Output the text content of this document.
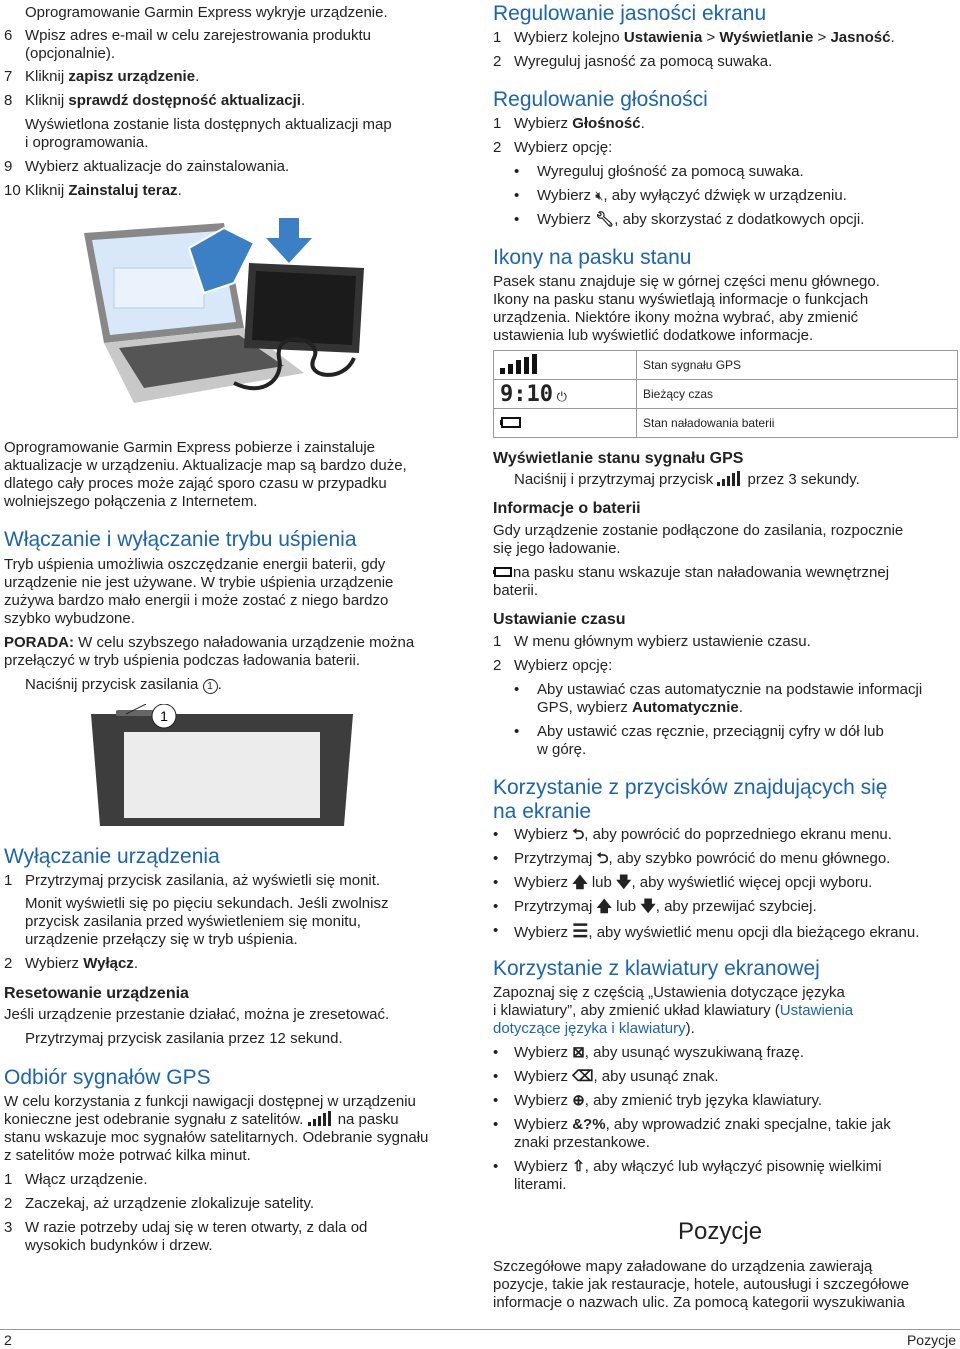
Oprogramowanie Garmin Express wykryje urządzenie.
6 Wpisz adres e-mail w celu zarejestrowania produktu
(opcjonalnie).
7 Kliknij zapisz urządzenie.
8 Kliknij sprawdź dostępność aktualizacji.
Wyświetlona zostanie lista dostępnych aktualizacji map
i oprogramowania.
9 Wybierz aktualizacje do zainstalowania.
10 Kliknij Zainstaluj teraz.
Oprogramowanie Garmin Express pobierze i zainstaluje
aktualizacje w urządzeniu. Aktualizacje map są bardzo duże,
dlatego cały proces może zająć sporo czasu w przypadku
wolniejszego połączenia z Internetem.
Włączanie i wyłączanie trybu uśpienia
Tryb uśpienia umożliwia oszczędzanie energii baterii, gdy
urządzenie nie jest używane. W trybie uśpienia urządzenie
zużywa bardzo mało energii i może zostać z niego bardzo
szybko wybudzone.
PORADA: W celu szybszego naładowania urządzenie można
przełączyć w tryb uśpienia podczas ładowania baterii.
Naciśnij przycisk zasilania 1 .
1
Wyłączanie urządzenia
1 Przytrzymaj przycisk zasilania, aż wyświetli się monit.
Monit wyświetli się po pięciu sekundach. Jeśli zwolnisz
przycisk zasilania przed wyświetleniem się monitu,
urządzenie przełączy się w tryb uśpienia.
2 Wybierz Wyłącz.
Resetowanie urządzenia
Jeśli urządzenie przestanie działać, można je zresetować.
Przytrzymaj przycisk zasilania przez 12 sekund.
Odbiór sygnałów GPS
W celu korzystania z funkcji nawigacji dostępnej w urządzeniu
konieczne jest odebranie sygnału z satelitów. na pasku
stanu wskazuje moc sygnałów satelitarnych. Odebranie sygnału
z satelitów może potrwać kilka minut.
1 Włącz urządzenie.
2 Zaczekaj, aż urządzenie zlokalizuje satelity.
3 W razie potrzeby udaj się w teren otwarty, z dala od
wysokich budynków i drzew.
Regulowanie jasności ekranu
1 Wybierz kolejno Ustawienia > Wyświetlanie > Jasność.
2 Wyreguluj jasność za pomocą suwaka.
Regulowanie głośności
1 Wybierz Głośność.
2 Wybierz opcję:
• Wyreguluj głośność za pomocą suwaka.
• Wybierz 🔇︎, aby wyłączyć dźwięk w urządzeniu.
• Wybierz 🔧︎, aby skorzystać z dodatkowych opcji.
Ikony na pasku stanu
Pasek stanu znajduje się w górnej części menu głównego.
Ikony na pasku stanu wyświetlają informacje o funkcjach
urządzenia. Niektóre ikony można wybrać, aby zmienić
ustawienia lub wyświetlić dodatkowe informacje.
	Stan sygnału GPS
9:10 ⏻	Bieżący czas
	Stan naładowania baterii
Wyświetlanie stanu sygnału GPS
Naciśnij i przytrzymaj przycisk przez 3 sekundy.
Informacje o baterii
Gdy urządzenie zostanie podłączone do zasilania, rozpocznie
się jego ładowanie.
na pasku stanu wskazuje stan naładowania wewnętrznej
baterii.
Ustawianie czasu
1 W menu głównym wybierz ustawienie czasu.
2 Wybierz opcję:
• Aby ustawiać czas automatycznie na podstawie informacji
GPS, wybierz Automatycznie.
• Aby ustawić czas ręcznie, przeciągnij cyfry w dół lub
w górę.
Korzystanie z przycisków znajdujących się
na ekranie
• Wybierz ⮌, aby powrócić do poprzedniego ekranu menu.
• Przytrzymaj ⮌, aby szybko powrócić do menu głównego.
• Wybierz 🡅 lub 🡇, aby wyświetlić więcej opcji wyboru.
• Przytrzymaj 🡅 lub 🡇, aby przewijać szybciej.
• Wybierz ☰, aby wyświetlić menu opcji dla bieżącego ekranu.
Korzystanie z klawiatury ekranowej
Zapoznaj się z częścią „Ustawienia dotyczące języka
i klawiatury”, aby zmienić układ klawiatury (Ustawienia
dotyczące języka i klawiatury).
• Wybierz ⊠, aby usunąć wyszukiwaną frazę.
• Wybierz ⌫, aby usunąć znak.
• Wybierz ⊕, aby zmienić tryb języka klawiatury.
• Wybierz &?%, aby wprowadzić znaki specjalne, takie jak
znaki przestankowe.
• Wybierz ⇧, aby włączyć lub wyłączyć pisownię wielkimi
literami.
Pozycje
Szczegółowe mapy załadowane do urządzenia zawierają
pozycje, takie jak restauracje, hotele, autousługi i szczegółowe
informacje o nazwach ulic. Za pomocą kategorii wyszukiwania
2	Pozycje
